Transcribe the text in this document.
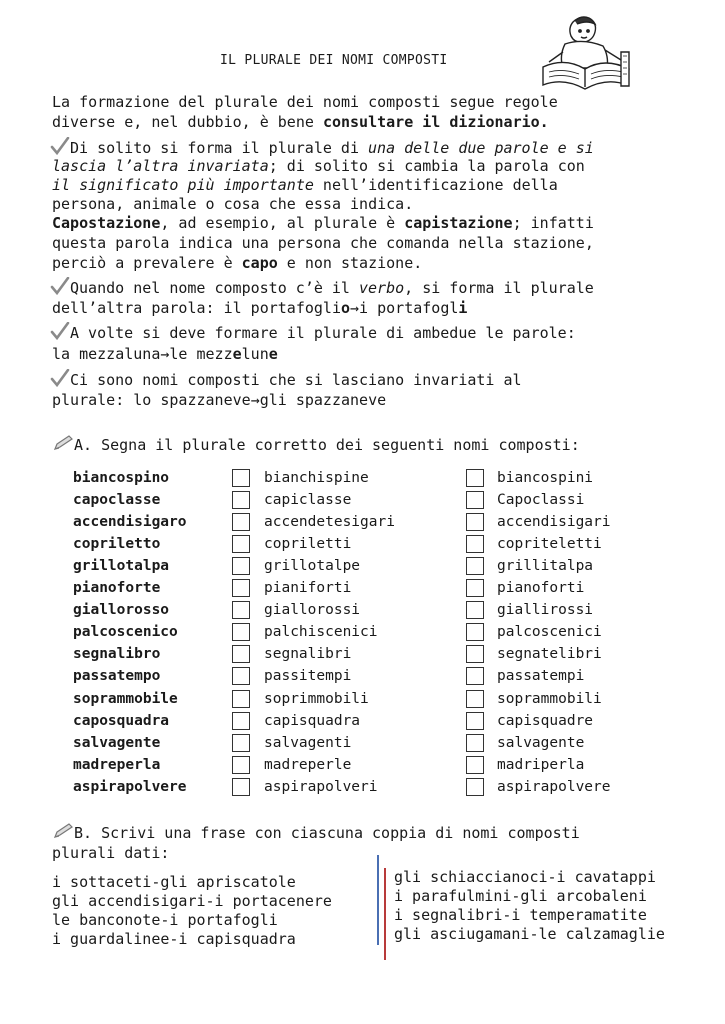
IL PLURALE DEI NOMI COMPOSTI
La formazione del plurale dei nomi composti segue regole
diverse e, nel dubbio, è bene consultare il dizionario.
Di solito si forma il plurale di una delle due parole e si
lascia l’altra invariata; di solito si cambia la parola con
il significato più importante nell’identificazione della
persona, animale o cosa che essa indica.
Capostazione, ad esempio, al plurale è capistazione; infatti
questa parola indica una persona che comanda nella stazione,
perciò a prevalere è capo e non stazione.
Quando nel nome composto c’è il verbo, si forma il plurale
dell’altra parola: il portafoglio→i portafogli
A volte si deve formare il plurale di ambedue le parole:
la mezzaluna→le mezzelune
Ci sono nomi composti che si lasciano invariati al
plurale: lo spazzaneve→gli spazzaneve
A. Segna il plurale corretto dei seguenti nomi composti:
biancospino	bianchispine	biancospini
capoclasse	capiclasse	Capoclassi
accendisigaro	accendetesigari	accendisigari
copriletto	copriletti	copriteletti
grillotalpa	grillotalpe	grillitalpa
pianoforte	pianiforti	pianoforti
giallorosso	giallorossi	giallirossi
palcoscenico	palchiscenici	palcoscenici
segnalibro	segnalibri	segnatelibri
passatempo	passitempi	passatempi
soprammobile	soprimmobili	soprammobili
caposquadra	capisquadra	capisquadre
salvagente	salvagenti	salvagente
madreperla	madreperle	madriperla
aspirapolvere	aspirapolveri	aspirapolvere
B. Scrivi una frase con ciascuna coppia di nomi composti
plurali dati:
i sottaceti-gli apriscatole
gli accendisigari-i portacenere
le banconote-i portafogli
i guardalinee-i capisquadra
gli schiaccianoci-i cavatappi
i parafulmini-gli arcobaleni
i segnalibri-i temperamatite
gli asciugamani-le calzamaglie
